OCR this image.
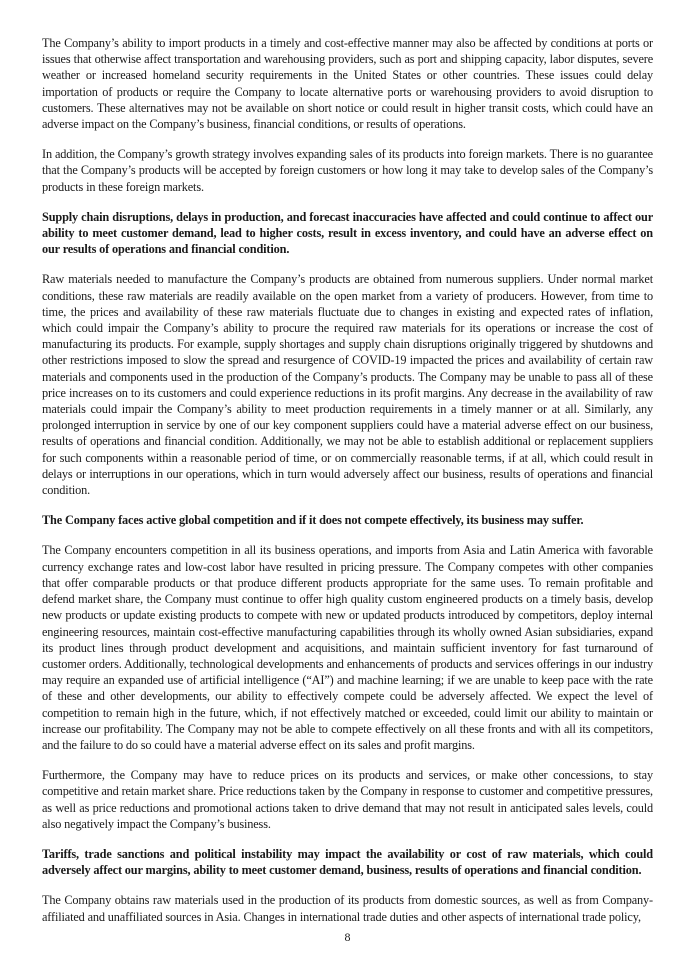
The Company’s ability to import products in a timely and cost-effective manner may also be affected by conditions at ports or issues that otherwise affect transportation and warehousing providers, such as port and shipping capacity, labor disputes, severe weather or increased homeland security requirements in the United States or other countries. These issues could delay importation of products or require the Company to locate alternative ports or warehousing providers to avoid disruption to customers. These alternatives may not be available on short notice or could result in higher transit costs, which could have an adverse impact on the Company’s business, financial conditions, or results of operations.

In addition, the Company’s growth strategy involves expanding sales of its products into foreign markets. There is no guarantee that the Company’s products will be accepted by foreign customers or how long it may take to develop sales of the Company’s products in these foreign markets.

Supply chain disruptions, delays in production, and forecast inaccuracies have affected and could continue to affect our ability to meet customer demand, lead to higher costs, result in excess inventory, and could have an adverse effect on our results of operations and financial condition.

Raw materials needed to manufacture the Company’s products are obtained from numerous suppliers. Under normal market conditions, these raw materials are readily available on the open market from a variety of producers. However, from time to time, the prices and availability of these raw materials fluctuate due to changes in existing and expected rates of inflation, which could impair the Company’s ability to procure the required raw materials for its operations or increase the cost of manufacturing its products. For example, supply shortages and supply chain disruptions originally triggered by shutdowns and other restrictions imposed to slow the spread and resurgence of COVID-19 impacted the prices and availability of certain raw materials and components used in the production of the Company’s products. The Company may be unable to pass all of these price increases on to its customers and could experience reductions in its profit margins. Any decrease in the availability of raw materials could impair the Company’s ability to meet production requirements in a timely manner or at all. Similarly, any prolonged interruption in service by one of our key component suppliers could have a material adverse effect on our business, results of operations and financial condition. Additionally, we may not be able to establish additional or replacement suppliers for such components within a reasonable period of time, or on commercially reasonable terms, if at all, which could result in delays or interruptions in our operations, which in turn would adversely affect our business, results of operations and financial condition.

The Company faces active global competition and if it does not compete effectively, its business may suffer.

The Company encounters competition in all its business operations, and imports from Asia and Latin America with favorable currency exchange rates and low-cost labor have resulted in pricing pressure. The Company competes with other companies that offer comparable products or that produce different products appropriate for the same uses. To remain profitable and defend market share, the Company must continue to offer high quality custom engineered products on a timely basis, develop new products or update existing products to compete with new or updated products introduced by competitors, deploy internal engineering resources, maintain cost-effective manufacturing capabilities through its wholly owned Asian subsidiaries, expand its product lines through product development and acquisitions, and maintain sufficient inventory for fast turnaround of customer orders. Additionally, technological developments and enhancements of products and services offerings in our industry may require an expanded use of artificial intelligence (“AI”) and machine learning; if we are unable to keep pace with the rate of these and other developments, our ability to effectively compete could be adversely affected. We expect the level of competition to remain high in the future, which, if not effectively matched or exceeded, could limit our ability to maintain or increase our profitability. The Company may not be able to compete effectively on all these fronts and with all its competitors, and the failure to do so could have a material adverse effect on its sales and profit margins.

Furthermore, the Company may have to reduce prices on its products and services, or make other concessions, to stay competitive and retain market share. Price reductions taken by the Company in response to customer and competitive pressures, as well as price reductions and promotional actions taken to drive demand that may not result in anticipated sales levels, could also negatively impact the Company’s business.

Tariffs, trade sanctions and political instability may impact the availability or cost of raw materials, which could adversely affect our margins, ability to meet customer demand, business, results of operations and financial condition.

The Company obtains raw materials used in the production of its products from domestic sources, as well as from Company-affiliated and unaffiliated sources in Asia. Changes in international trade duties and other aspects of international trade policy,

8
